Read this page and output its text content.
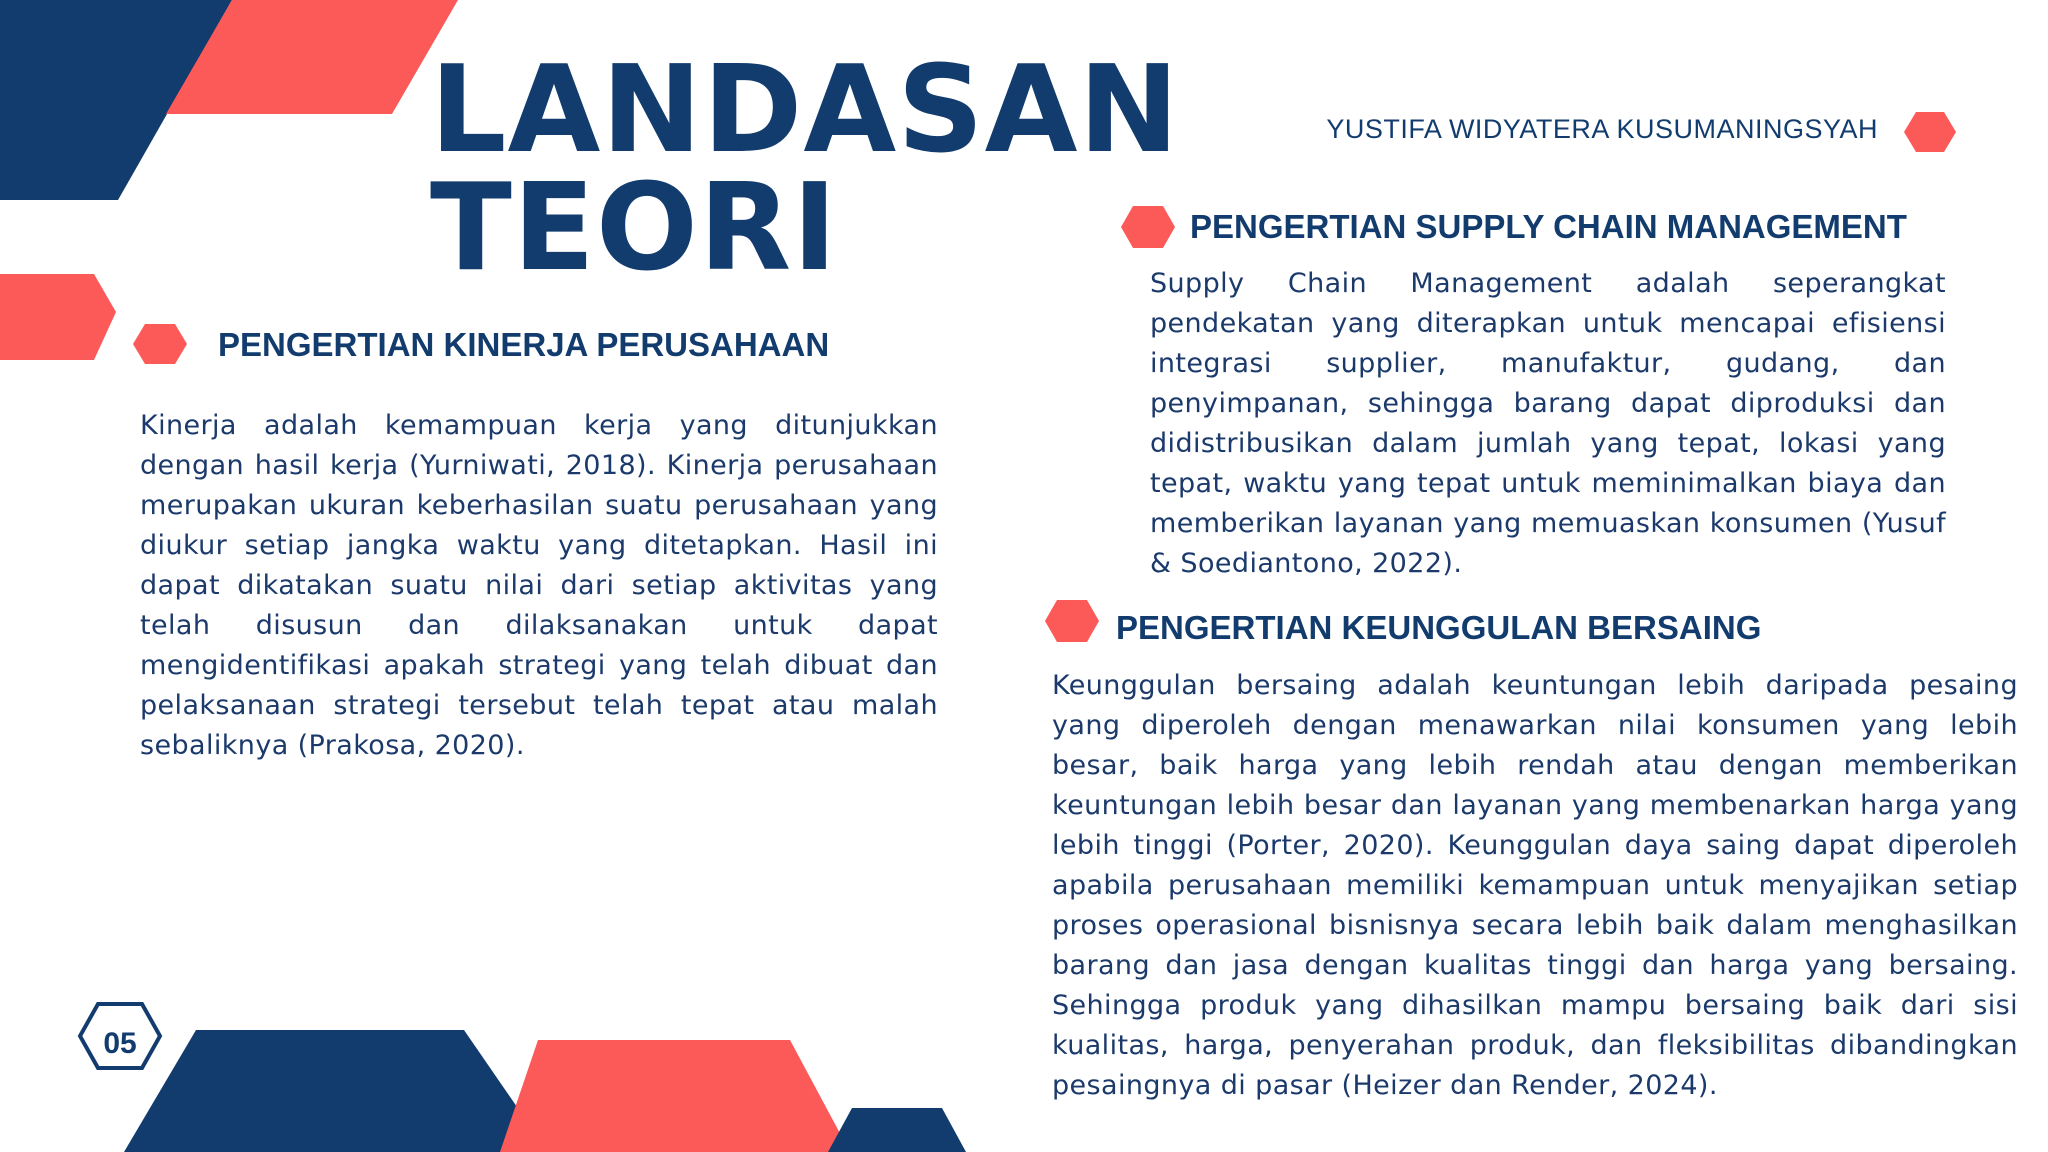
LANDASAN
TEORI
YUSTIFA WIDYATERA KUSUMANINGSYAH
PENGERTIAN KINERJA PERUSAHAAN
Kinerja adalah kemampuan kerja yang ditunjukkan dengan hasil kerja (Yurniwati, 2018). Kinerja perusahaan merupakan ukuran keberhasilan suatu perusahaan yang diukur setiap jangka waktu yang ditetapkan. Hasil ini dapat dikatakan suatu nilai dari setiap aktivitas yang telah disusun dan dilaksanakan untuk dapat mengidentifikasi apakah strategi yang telah dibuat dan pelaksanaan strategi tersebut telah tepat atau malah sebaliknya (Prakosa, 2020).
PENGERTIAN SUPPLY CHAIN MANAGEMENT
Supply Chain Management adalah seperangkat pendekatan yang diterapkan untuk mencapai efisiensi integrasi supplier, manufaktur, gudang, dan penyimpanan, sehingga barang dapat diproduksi dan didistribusikan dalam jumlah yang tepat, lokasi yang tepat, waktu yang tepat untuk meminimalkan biaya dan memberikan layanan yang memuaskan konsumen (Yusuf & Soediantono, 2022).
PENGERTIAN KEUNGGULAN BERSAING
Keunggulan bersaing adalah keuntungan lebih daripada pesaing yang diperoleh dengan menawarkan nilai konsumen yang lebih besar, baik harga yang lebih rendah atau dengan memberikan keuntungan lebih besar dan layanan yang membenarkan harga yang lebih tinggi (Porter, 2020). Keunggulan daya saing dapat diperoleh apabila perusahaan memiliki kemampuan untuk menyajikan setiap proses operasional bisnisnya secara lebih baik dalam menghasilkan barang dan jasa dengan kualitas tinggi dan harga yang bersaing. Sehingga produk yang dihasilkan mampu bersaing baik dari sisi kualitas, harga, penyerahan produk, dan fleksibilitas dibandingkan pesaingnya di pasar (Heizer dan Render, 2024).
05
